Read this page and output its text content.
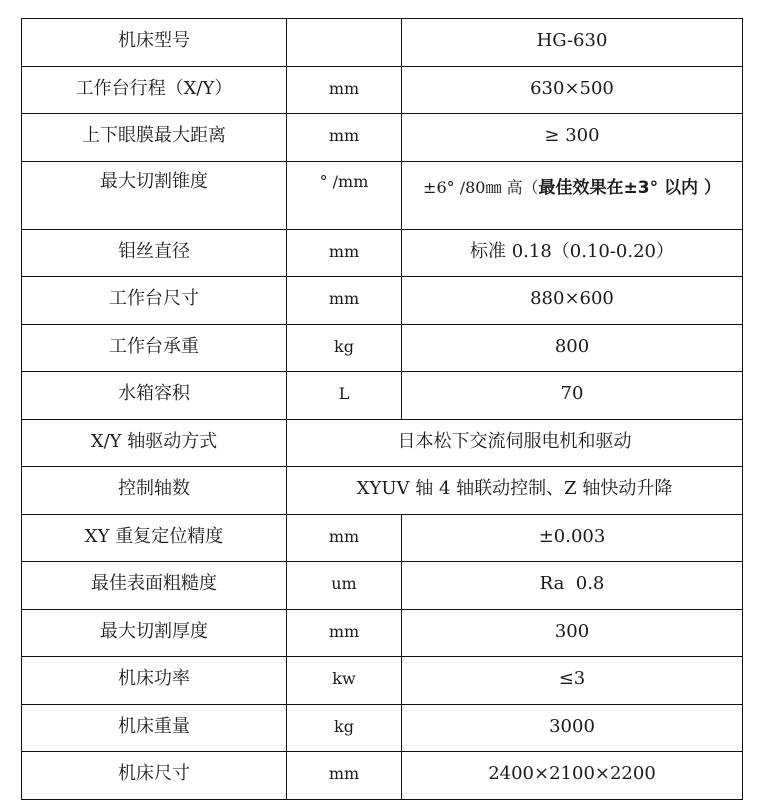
机床型号		HG-630

工作台行程（X/Y）	mm	630×500

上下眼膜最大距离	mm	≥ 300

最大切割锥度	° /mm	±6° /80㎜ 高（最佳效果在±3° 以内 ）

钼丝直径	mm	标准 0.18（0.10-0.20）

工作台尺寸	mm	880×600

工作台承重	kg	800

水箱容积	L	70

X/Y 轴驱动方式	日本松下交流伺服电机和驱动	

控制轴数	XYUV 轴 4 轴联动控制、Z 轴快动升降	

XY 重复定位精度	mm	±0.003

最佳表面粗糙度	um	Ra  0.8

最大切割厚度	mm	300

机床功率	kw	≤3

机床重量	kg	3000

机床尺寸	mm	2400×2100×2200
